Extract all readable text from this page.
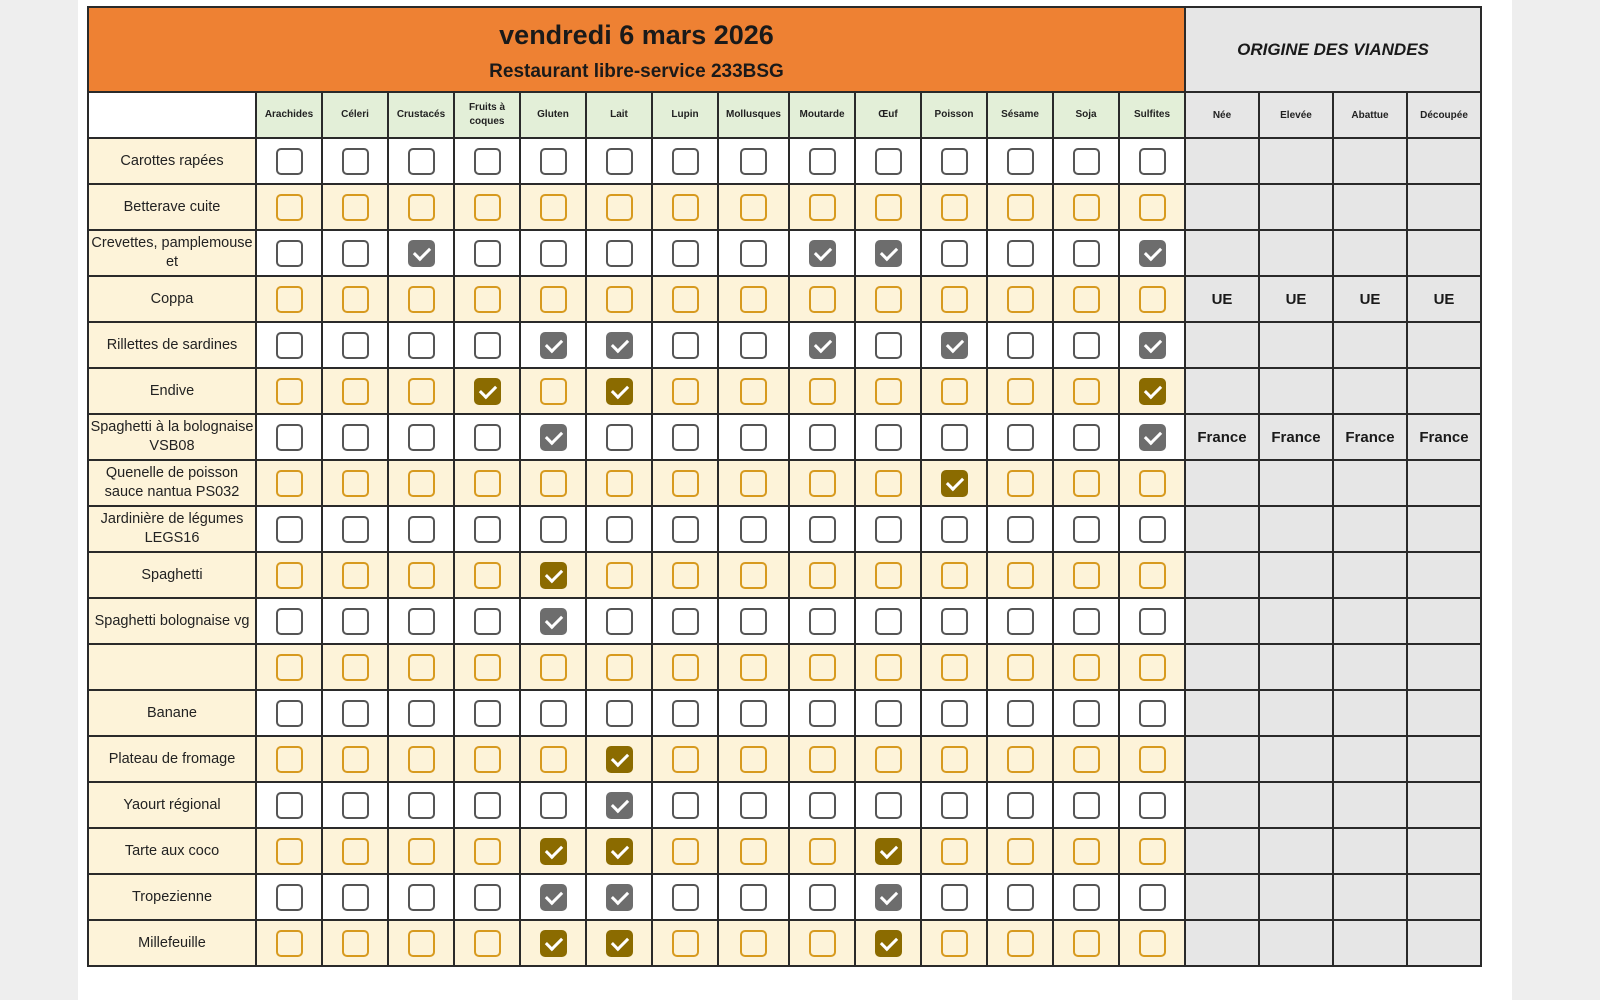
vendredi 6 mars 2026
Restaurant libre-service 233BSG															ORIGINE DES VIANDES			
	Arachides	Céleri	Crustacés	Fruits à coques	Gluten	Lait	Lupin	Mollusques	Moutarde	Œuf	Poisson	Sésame	Soja	Sulfites	Née	Elevée	Abattue	Découpée
Carottes rapées																		
Betterave cuite																		
Crevettes, pamplemouse et																		
Coppa															UE	UE	UE	UE
Rillettes de sardines																		
Endive																		
Spaghetti à la bolognaise VSB08															France	France	France	France
Quenelle de poisson sauce nantua PS032																		
Jardinière de légumes LEGS16																		
Spaghetti																		
Spaghetti bolognaise vg																		

Banane																		
Plateau de fromage																		
Yaourt régional																		
Tarte aux coco																		
Tropezienne																		
Millefeuille																		
